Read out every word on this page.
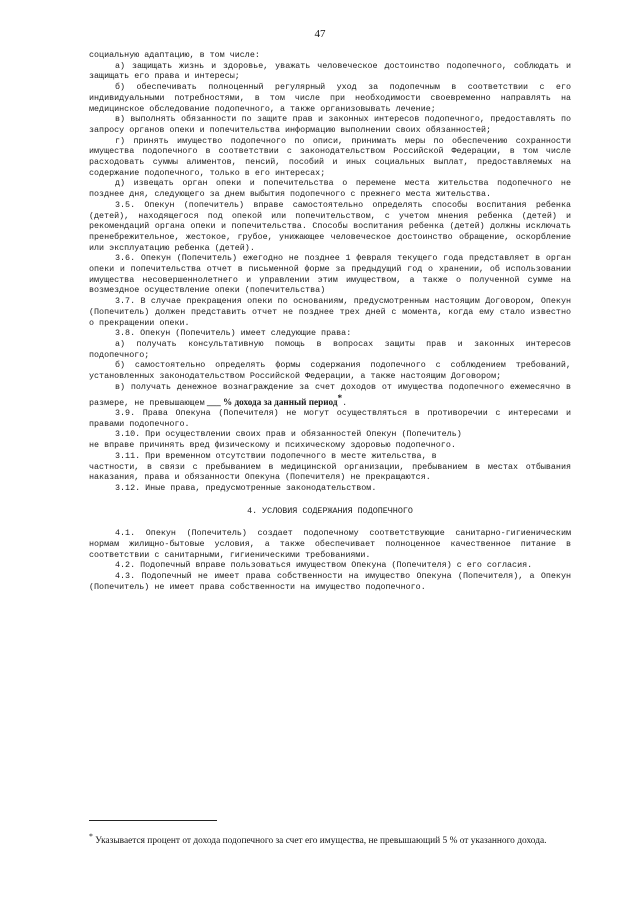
47

социальную адаптацию, в том числе:

а) защищать жизнь и здоровье, уважать человеческое достоинство подопечного, соблюдать и защищать его права и интересы;

б) обеспечивать полноценный регулярный уход за подопечным в соответствии с его индивидуальными потребностями, в том числе при необходимости своевременно направлять на медицинское обследование подопечного, а также организовывать лечение;

в) выполнять обязанности по защите прав и законных интересов подопечного, предоставлять по запросу органов опеки и попечительства информацию выполнении своих обязанностей;

г) принять имущество подопечного по описи, принимать меры по обеспечению сохранности имущества подопечного в соответствии с законодательством Российской Федерации, в том числе расходовать суммы алиментов, пенсий, пособий и иных социальных выплат, предоставляемых на содержание подопечного, только в его интересах;

д) извещать орган опеки и попечительства о перемене места жительства подопечного не позднее дня, следующего за днем выбытия подопечного с прежнего места жительства.

3.5. Опекун (попечитель) вправе самостоятельно определять способы воспитания ребенка (детей), находящегося под опекой или попечительством, с учетом мнения ребенка (детей) и рекомендаций органа опеки и попечительства. Способы воспитания ребенка (детей) должны исключать пренебрежительное, жестокое, грубое, унижающее человеческое достоинство обращение, оскорбление или эксплуатацию ребенка (детей).

3.6. Опекун (Попечитель) ежегодно не позднее 1 февраля текущего года представляет в орган опеки и попечительства отчет в письменной форме за предыдущий год о хранении, об использовании имущества несовершеннолетнего и управлении этим имуществом, а также о полученной сумме на возмездное осуществление опеки (попечительства)

3.7. В случае прекращения опеки по основаниям, предусмотренным настоящим Договором, Опекун (Попечитель) должен представить отчет не позднее трех дней с момента, когда ему стало известно о прекращении опеки.

3.8. Опекун (Попечитель) имеет следующие права:

а) получать консультативную помощь в вопросах защиты прав и законных интересов подопечного;

б) самостоятельно определять формы содержания подопечного с соблюдением требований, установленных законодательством Российской Федерации, а также настоящим Договором;

в) получать денежное вознаграждение за счет доходов от имущества подопечного ежемесячно в размере, не превышающем ___ % дохода за данный период*.

3.9. Права Опекуна (Попечителя) не могут осуществляться в противоречии с интересами и правами подопечного.

3.10. При осуществлении своих прав и обязанностей Опекун (Попечитель)

не вправе причинять вред физическому и психическому здоровью подопечного.

3.11. При временном отсутствии подопечного в месте жительства, в

частности, в связи с пребыванием в медицинской организации, пребыванием в местах отбывания наказания, права и обязанности Опекуна (Попечителя) не прекращаются.

3.12. Иные права, предусмотренные законодательством.

4. УСЛОВИЯ СОДЕРЖАНИЯ ПОДОПЕЧНОГО

4.1. Опекун (Попечитель) создает подопечному соответствующие санитарно-гигиеническим нормам жилищно-бытовые условия, а также обеспечивает полноценное качественное питание в соответствии с санитарными, гигиеническими требованиями.

4.2. Подопечный вправе пользоваться имуществом Опекуна (Попечителя) с его согласия.

4.3. Подопечный не имеет права собственности на имущество Опекуна (Попечителя), а Опекун (Попечитель) не имеет права собственности на имущество подопечного.

* Указывается процент от дохода подопечного за счет его имущества, не превышающий 5 % от указанного дохода.
